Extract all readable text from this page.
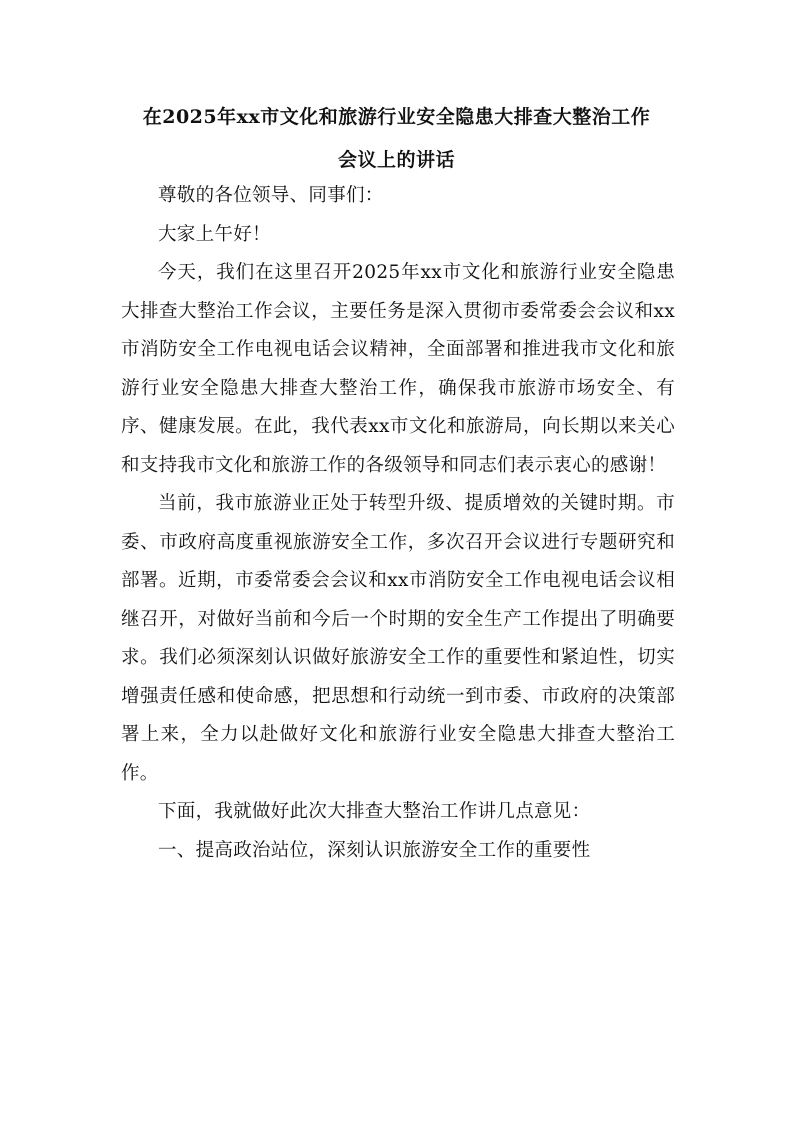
在2025年xx市文化和旅游行业安全隐患大排查大整治工作
会议上的讲话

尊敬的各位领导、同事们：

大家上午好！

今天，我们在这里召开2025年xx市文化和旅游行业安全隐患大排查大整治工作会议，主要任务是深入贯彻市委常委会会议和xx市消防安全工作电视电话会议精神，全面部署和推进我市文化和旅游行业安全隐患大排查大整治工作，确保我市旅游市场安全、有序、健康发展。在此，我代表xx市文化和旅游局，向长期以来关心和支持我市文化和旅游工作的各级领导和同志们表示衷心的感谢！

当前，我市旅游业正处于转型升级、提质增效的关键时期。市委、市政府高度重视旅游安全工作，多次召开会议进行专题研究和部署。近期，市委常委会会议和xx市消防安全工作电视电话会议相继召开，对做好当前和今后一个时期的安全生产工作提出了明确要求。我们必须深刻认识做好旅游安全工作的重要性和紧迫性，切实增强责任感和使命感，把思想和行动统一到市委、市政府的决策部署上来，全力以赴做好文化和旅游行业安全隐患大排查大整治工作。

下面，我就做好此次大排查大整治工作讲几点意见：

一、提高政治站位，深刻认识旅游安全工作的重要性
